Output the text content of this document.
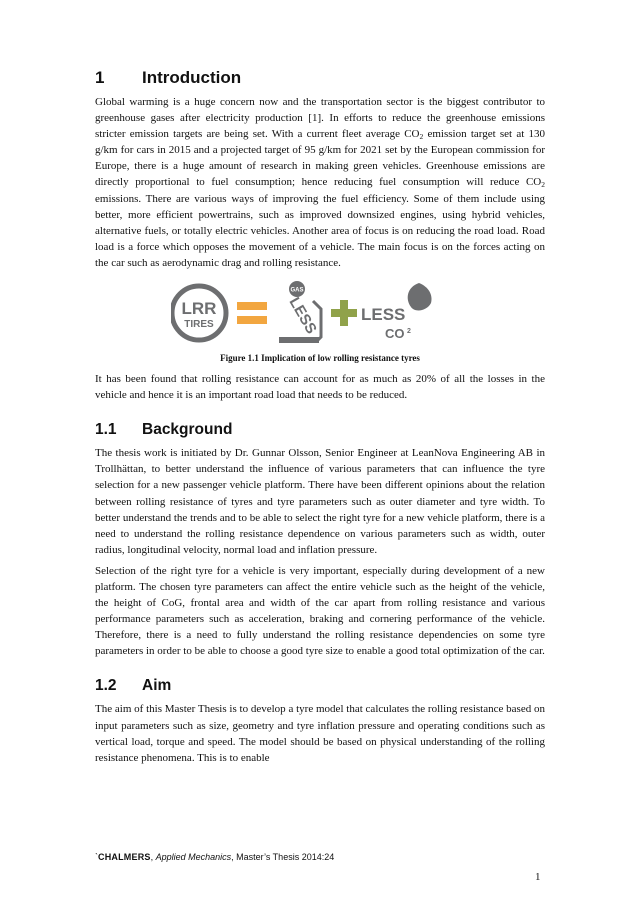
1 Introduction

Global warming is a huge concern now and the transportation sector is the biggest contributor to greenhouse gases after electricity production [1]. In efforts to reduce the greenhouse emissions stricter emission targets are being set. With a current fleet average $CO_2$ emission target set at 130 g/km for cars in 2015 and a projected target of 95 g/km for 2021 set by the European commission for Europe, there is a huge amount of research in making green vehicles. Greenhouse emissions are directly proportional to fuel consumption; hence reducing fuel consumption will reduce $CO_2$ emissions. There are various ways of improving the fuel efficiency. Some of them include using better, more efficient powertrains, such as improved downsized engines, using hybrid vehicles, alternative fuels, or totally electric vehicles. Another area of focus is on reducing the road load. Road load is a force which opposes the movement of a vehicle. The main focus is on the forces acting on the car such as aerodynamic drag and rolling resistance.

LRR
TIRES
GAS
LESS LESS
CO 2
Figure 1.1 Implication of low rolling resistance tyres

It has been found that rolling resistance can account for as much as 20% of all the losses in the vehicle and hence it is an important road load that needs to be reduced.

1.1 Background

The thesis work is initiated by Dr. Gunnar Olsson, Senior Engineer at LeanNova Engineering AB in Trollhättan, to better understand the influence of various parameters that can influence the tyre selection for a new passenger vehicle platform. There have been different opinions about the relation between rolling resistance of tyres and tyre parameters such as outer diameter and tyre width. To better understand the trends and to be able to select the right tyre for a new vehicle platform, there is a need to understand the rolling resistance dependence on various parameters such as width, outer radius, longitudinal velocity, normal load and inflation pressure.

Selection of the right tyre for a vehicle is very important, especially during development of a new platform. The chosen tyre parameters can affect the entire vehicle such as the height of the vehicle, the height of CoG, frontal area and width of the car apart from rolling resistance and various performance parameters such as acceleration, braking and cornering performance of the vehicle. Therefore, there is a need to fully understand the rolling resistance dependencies on some tyre parameters in order to be able to choose a good tyre size to enable a good total optimization of the car.

1.2 Aim

The aim of this Master Thesis is to develop a tyre model that calculates the rolling resistance based on input parameters such as size, geometry and tyre inflation pressure and operating conditions such as vertical load, torque and speed. The model should be based on physical understanding of the rolling resistance phenomena. This is to enable

`CHALMERS, Applied Mechanics, Master’s Thesis 2014:24
1
